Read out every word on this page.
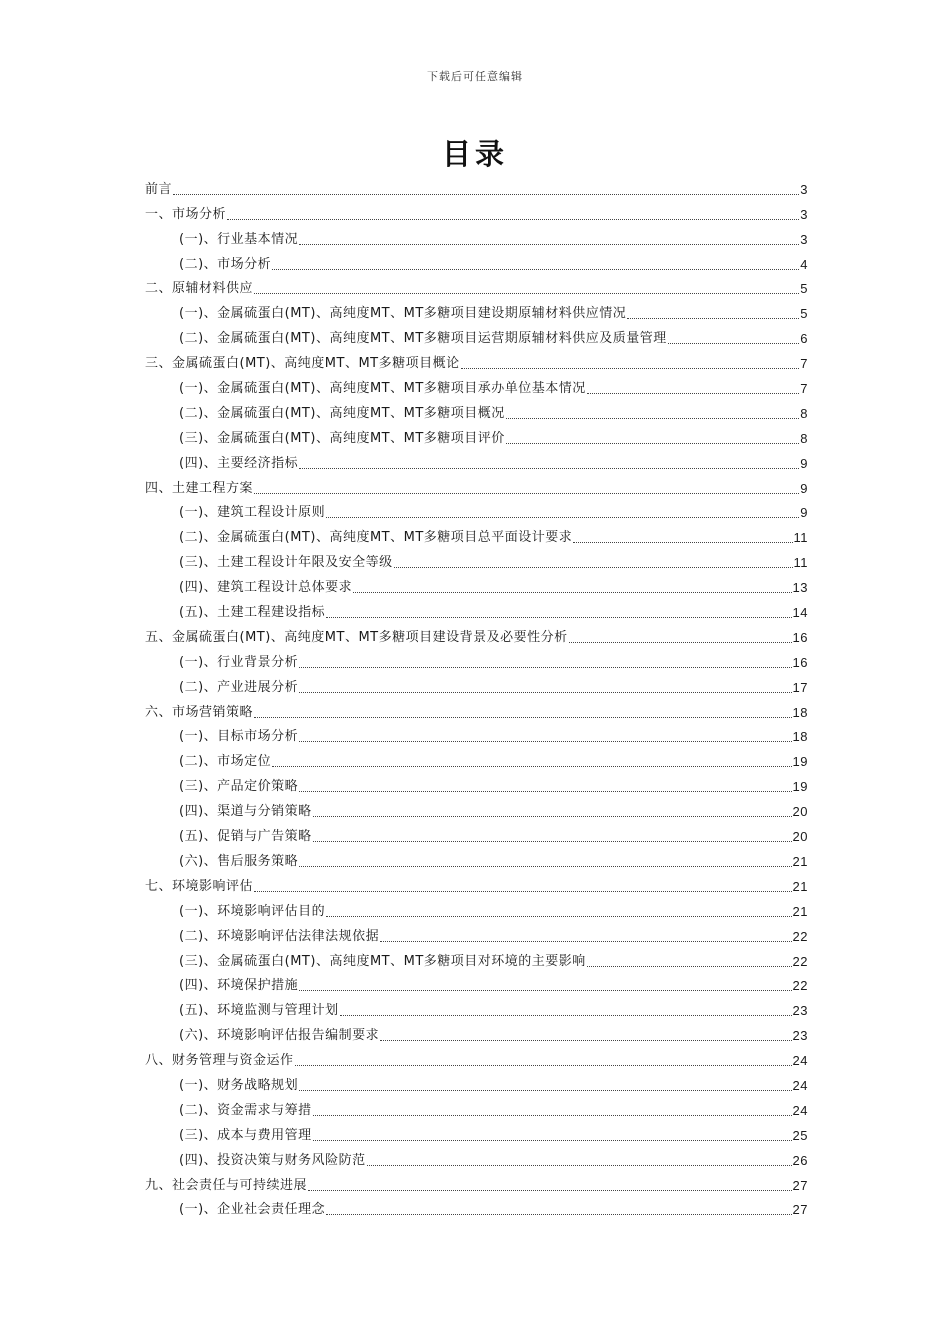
下载后可任意编辑
目录
前言	3
一、市场分析	3
(一)、行业基本情况	3
(二)、市场分析	4
二、原辅材料供应	5
(一)、金属硫蛋白(MT)、高纯度MT、MT多糖项目建设期原辅材料供应情况	5
(二)、金属硫蛋白(MT)、高纯度MT、MT多糖项目运营期原辅材料供应及质量管理	6
三、金属硫蛋白(MT)、高纯度MT、MT多糖项目概论	7
(一)、金属硫蛋白(MT)、高纯度MT、MT多糖项目承办单位基本情况	7
(二)、金属硫蛋白(MT)、高纯度MT、MT多糖项目概况	8
(三)、金属硫蛋白(MT)、高纯度MT、MT多糖项目评价	8
(四)、主要经济指标	9
四、土建工程方案	9
(一)、建筑工程设计原则	9
(二)、金属硫蛋白(MT)、高纯度MT、MT多糖项目总平面设计要求	11
(三)、土建工程设计年限及安全等级	11
(四)、建筑工程设计总体要求	13
(五)、土建工程建设指标	14
五、金属硫蛋白(MT)、高纯度MT、MT多糖项目建设背景及必要性分析	16
(一)、行业背景分析	16
(二)、产业进展分析	17
六、市场营销策略	18
(一)、目标市场分析	18
(二)、市场定位	19
(三)、产品定价策略	19
(四)、渠道与分销策略	20
(五)、促销与广告策略	20
(六)、售后服务策略	21
七、环境影响评估	21
(一)、环境影响评估目的	21
(二)、环境影响评估法律法规依据	22
(三)、金属硫蛋白(MT)、高纯度MT、MT多糖项目对环境的主要影响	22
(四)、环境保护措施	22
(五)、环境监测与管理计划	23
(六)、环境影响评估报告编制要求	23
八、财务管理与资金运作	24
(一)、财务战略规划	24
(二)、资金需求与筹措	24
(三)、成本与费用管理	25
(四)、投资决策与财务风险防范	26
九、社会责任与可持续进展	27
(一)、企业社会责任理念	27
